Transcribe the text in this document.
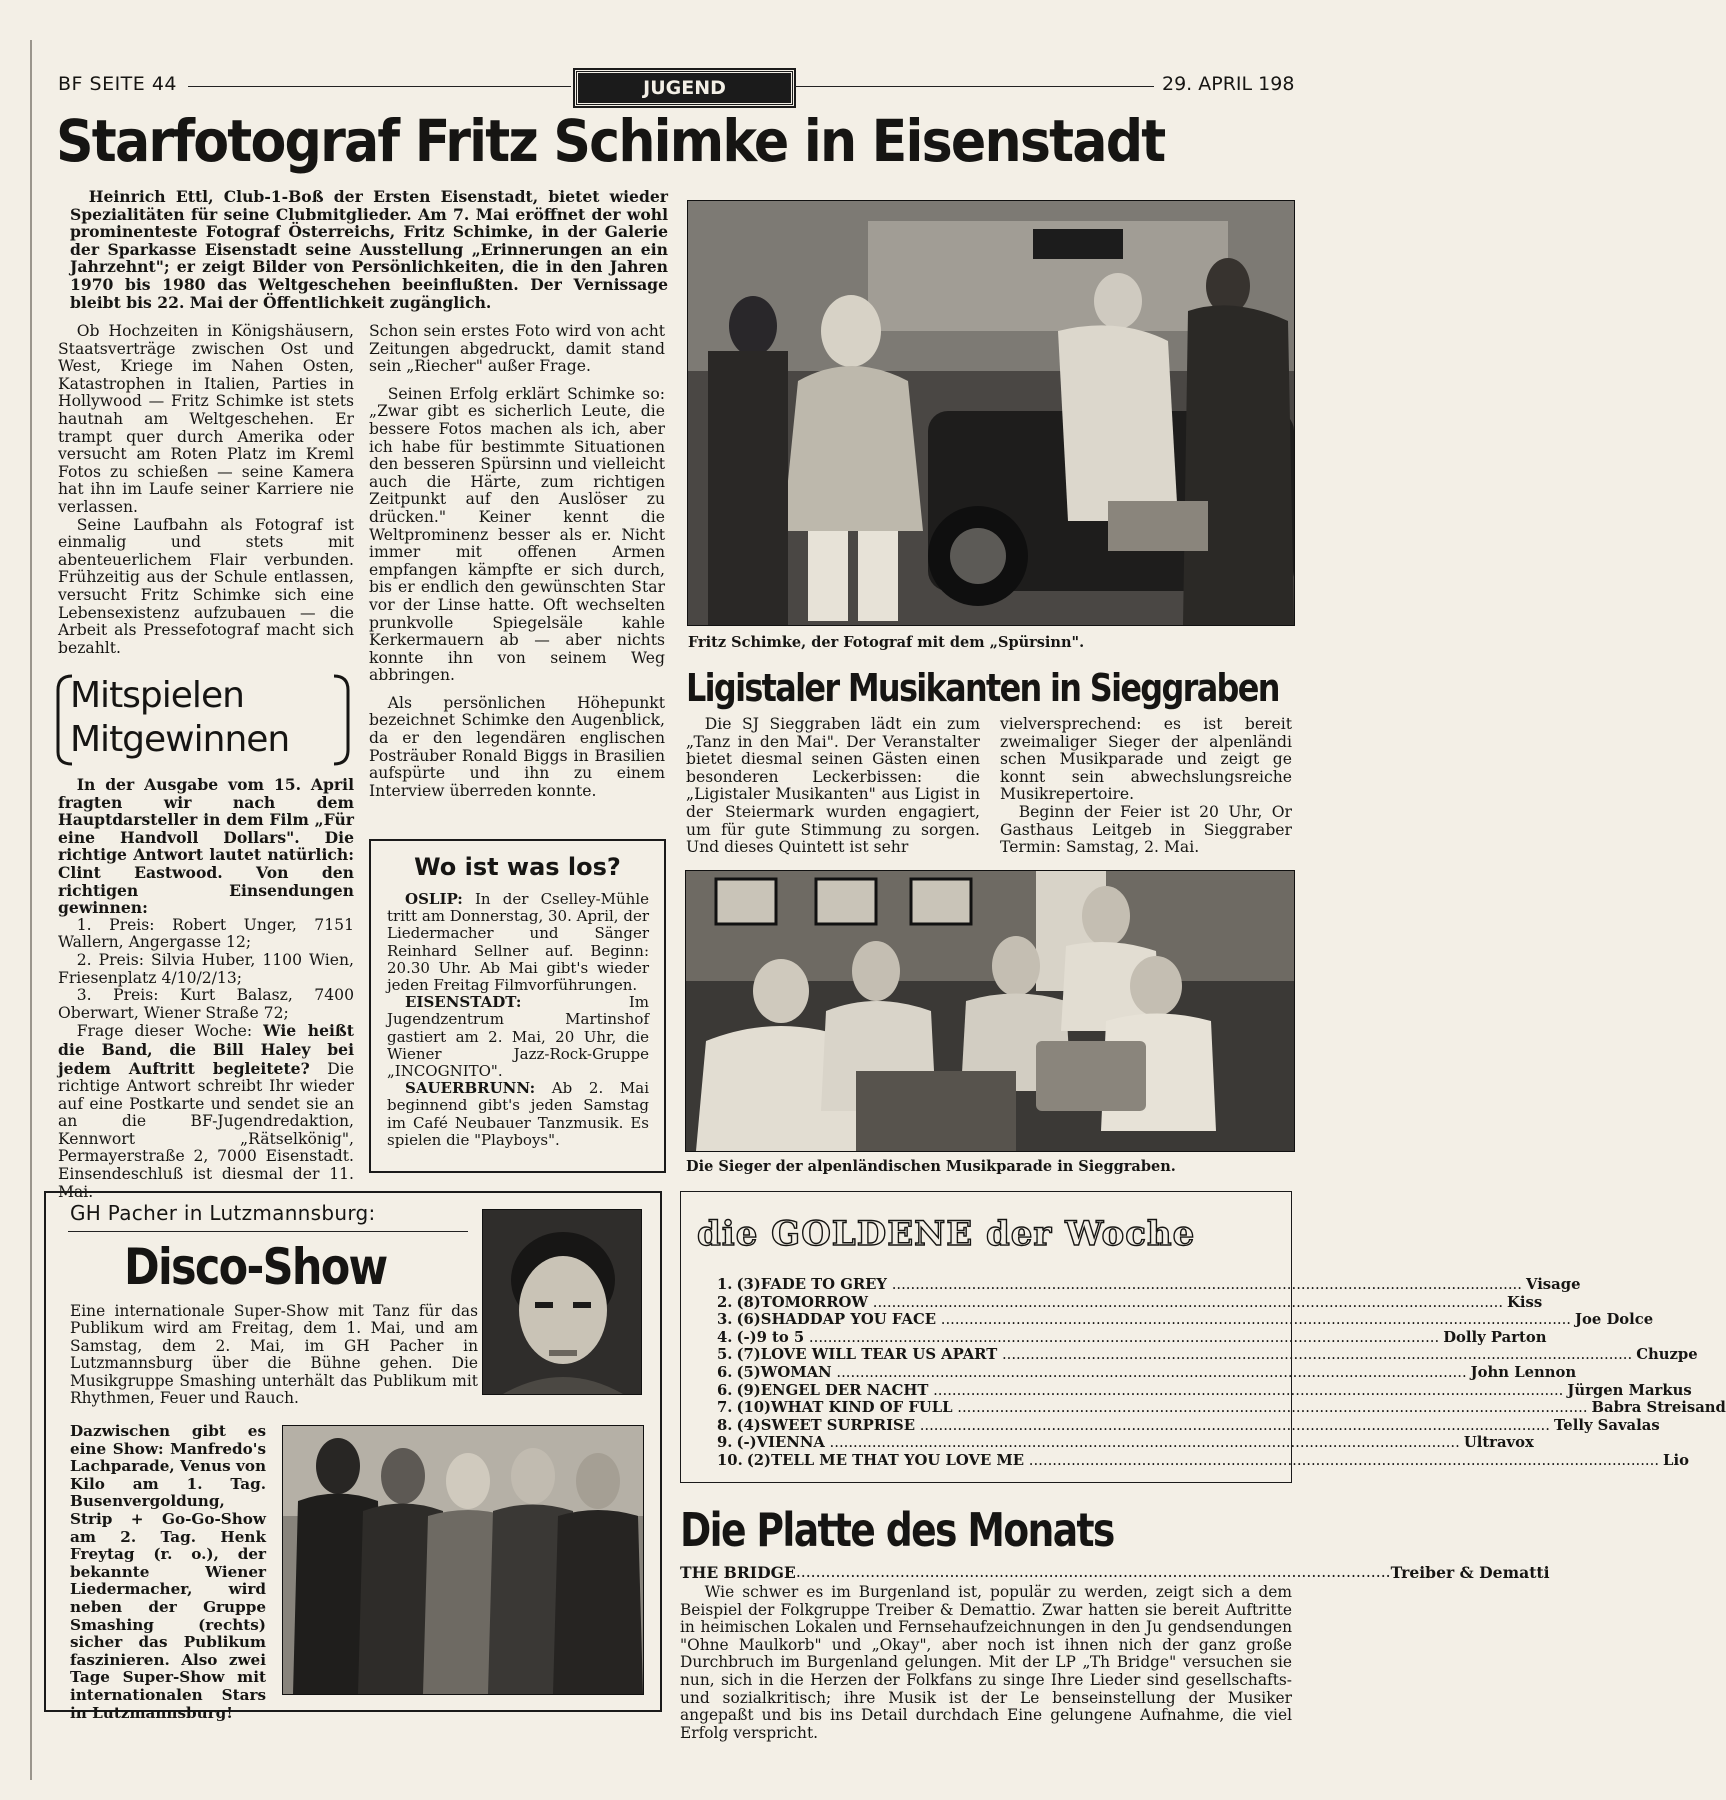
BF SEITE 44	JUGEND	29. APRIL 198
Starfotograf Fritz Schimke in Eisenstadt

Heinrich Ettl, Club-1-Boß der Ersten Eisenstadt, bietet wieder Spezialitäten für seine Clubmitglieder. Am 7. Mai eröffnet der wohl prominenteste Fotograf Österreichs, Fritz Schimke, in der Galerie der Sparkasse Eisenstadt seine Ausstellung „Erinnerungen an ein Jahrzehnt"; er zeigt Bilder von Persönlichkeiten, die in den Jahren 1970 bis 1980 das Weltgeschehen beeinflußten. Der Vernissage bleibt bis 22. Mai der Öffentlichkeit zugänglich.

Ob Hochzeiten in Königshäusern, Staatsverträge zwischen Ost und West, Kriege im Nahen Osten, Katastrophen in Italien, Parties in Hollywood — Fritz Schimke ist stets hautnah am Weltgeschehen. Er trampt quer durch Amerika oder versucht am Roten Platz im Kreml Fotos zu schießen — seine Kamera hat ihn im Laufe seiner Karriere nie verlassen.

Seine Laufbahn als Fotograf ist einmalig und stets mit abenteuerlichem Flair verbunden. Frühzeitig aus der Schule entlassen, versucht Fritz Schimke sich eine Lebensexistenz aufzubauen — die Arbeit als Pressefotograf macht sich bezahlt.

Schon sein erstes Foto wird von acht Zeitungen abgedruckt, damit stand sein „Riecher" außer Frage.

Seinen Erfolg erklärt Schimke so: „Zwar gibt es sicherlich Leute, die bessere Fotos machen als ich, aber ich habe für bestimmte Situationen den besseren Spürsinn und vielleicht auch die Härte, zum richtigen Zeitpunkt auf den Auslöser zu drücken." Keiner kennt die Weltprominenz besser als er. Nicht immer mit offenen Armen empfangen kämpfte er sich durch, bis er endlich den gewünschten Star vor der Linse hatte. Oft wechselten prunkvolle Spiegelsäle kahle Kerkermauern ab — aber nichts konnte ihn von seinem Weg abbringen.

Als persönlichen Höhepunkt bezeichnet Schimke den Augenblick, da er den legendären englischen Posträuber Ronald Biggs in Brasilien aufspürte und ihn zu einem Interview überreden konnte.

Fritz Schimke, der Fotograf mit dem „Spürsinn".
Mitspielen
Mitgewinnen

In der Ausgabe vom 15. April fragten wir nach dem Hauptdarsteller in dem Film „Für eine Handvoll Dollars". Die richtige Antwort lautet natürlich: Clint Eastwood. Von den richtigen Einsendungen gewinnen:

1. Preis: Robert Unger, 7151 Wallern, Angergasse 12;

2. Preis: Silvia Huber, 1100 Wien, Friesenplatz 4/10/2/13;

3. Preis: Kurt Balasz, 7400 Oberwart, Wiener Straße 72;

Frage dieser Woche: Wie heißt die Band, die Bill Haley bei jedem Auftritt begleitete? Die richtige Antwort schreibt Ihr wieder auf eine Postkarte und sendet sie an an die BF-Jugendredaktion, Kennwort „Rätselkönig", Permayerstraße 2, 7000 Eisenstadt. Einsendeschluß ist diesmal der 11. Mai.

Wo ist was los?

OSLIP: In der Cselley-Mühle tritt am Donnerstag, 30. April, der Liedermacher und Sänger Reinhard Sellner auf. Beginn: 20.30 Uhr. Ab Mai gibt's wieder jeden Freitag Filmvorführungen.

EISENSTADT:	Im Jugendzentrum Martinshof gastiert am 2. Mai, 20 Uhr, die Wiener Jazz-Rock-Gruppe „INCOGNITO".

SAUERBRUNN: Ab 2. Mai beginnend gibt's jeden Samstag im Café Neubauer Tanzmusik. Es spielen die "Playboys".

Ligistaler Musikanten in Sieggraben

Die SJ Sieggraben lädt ein zum „Tanz in den Mai". Der Veranstalter bietet diesmal seinen Gästen einen besonderen Leckerbissen: die „Ligistaler Musikanten" aus Ligist in der Steiermark wurden engagiert, um für gute Stimmung zu sorgen. Und dieses Quintett ist sehr

vielversprechend: es ist bereit zweimaliger Sieger der alpenländi schen Musikparade und zeigt ge konnt sein abwechslungsreiche Musikrepertoire.

Beginn der Feier ist 20 Uhr, Or Gasthaus Leitgeb in Sieggraber Termin: Samstag, 2. Mai.

Die Sieger der alpenländischen Musikparade in Sieggraben.
GH Pacher in Lutzmannsburg:
Disco-Show

Eine internationale Super-Show mit Tanz für das Publikum wird am Freitag, dem 1. Mai, und am Samstag, dem 2. Mai, im GH Pacher in Lutzmannsburg über die Bühne gehen. Die Musikgruppe Smashing unterhält das Publikum mit Rhythmen, Feuer und Rauch.

Dazwischen gibt es eine Show: Manfredo's Lachparade, Venus von Kilo am 1. Tag. Busenvergoldung, Strip + Go-Go-Show am 2. Tag. Henk Freytag (r. o.), der bekannte Wiener Liedermacher, wird neben der Gruppe Smashing (rechts) sicher das Publikum faszinieren. Also zwei Tage Super-Show mit internationalen Stars in Lutzmannsburg!

die GOLDENE der Woche
1. (3) FADE TO GREY .....	Visage
2. (8) TOMORROW .....	Kiss
3. (6) SHADDAP YOU FACE .....	Joe Dolce
4. (-) 9 to 5 .....	Dolly Parton
5. (7) LOVE WILL TEAR US APART .....	Chuzpe
6. (5) WOMAN .....	John Lennon
6. (9) ENGEL DER NACHT .....	Jürgen Markus
7. (10) WHAT KIND OF FULL .....	Babra Streisand
8. (4) SWEET SURPRISE .....	Telly Savalas
9. (-) VIENNA .....	Ultravox
10. (2) TELL ME THAT YOU LOVE ME .....	Lio
Die Platte des Monats
THE BRIDGE ........................................................................................................................ Treiber & Dematti

Wie schwer es im Burgenland ist, populär zu werden, zeigt sich a dem Beispiel der Folkgruppe Treiber & Demattio. Zwar hatten sie bereit Auftritte in heimischen Lokalen und Fernsehaufzeichnungen in den Ju gendsendungen "Ohne Maulkorb" und „Okay", aber noch ist ihnen nich der ganz große Durchbruch im Burgenland gelungen. Mit der LP „Th Bridge" versuchen sie nun, sich in die Herzen der Folkfans zu singe Ihre Lieder sind gesellschafts- und sozialkritisch; ihre Musik ist der Le benseinstellung der Musiker angepaßt und bis ins Detail durchdach Eine gelungene Aufnahme, die viel Erfolg verspricht.
